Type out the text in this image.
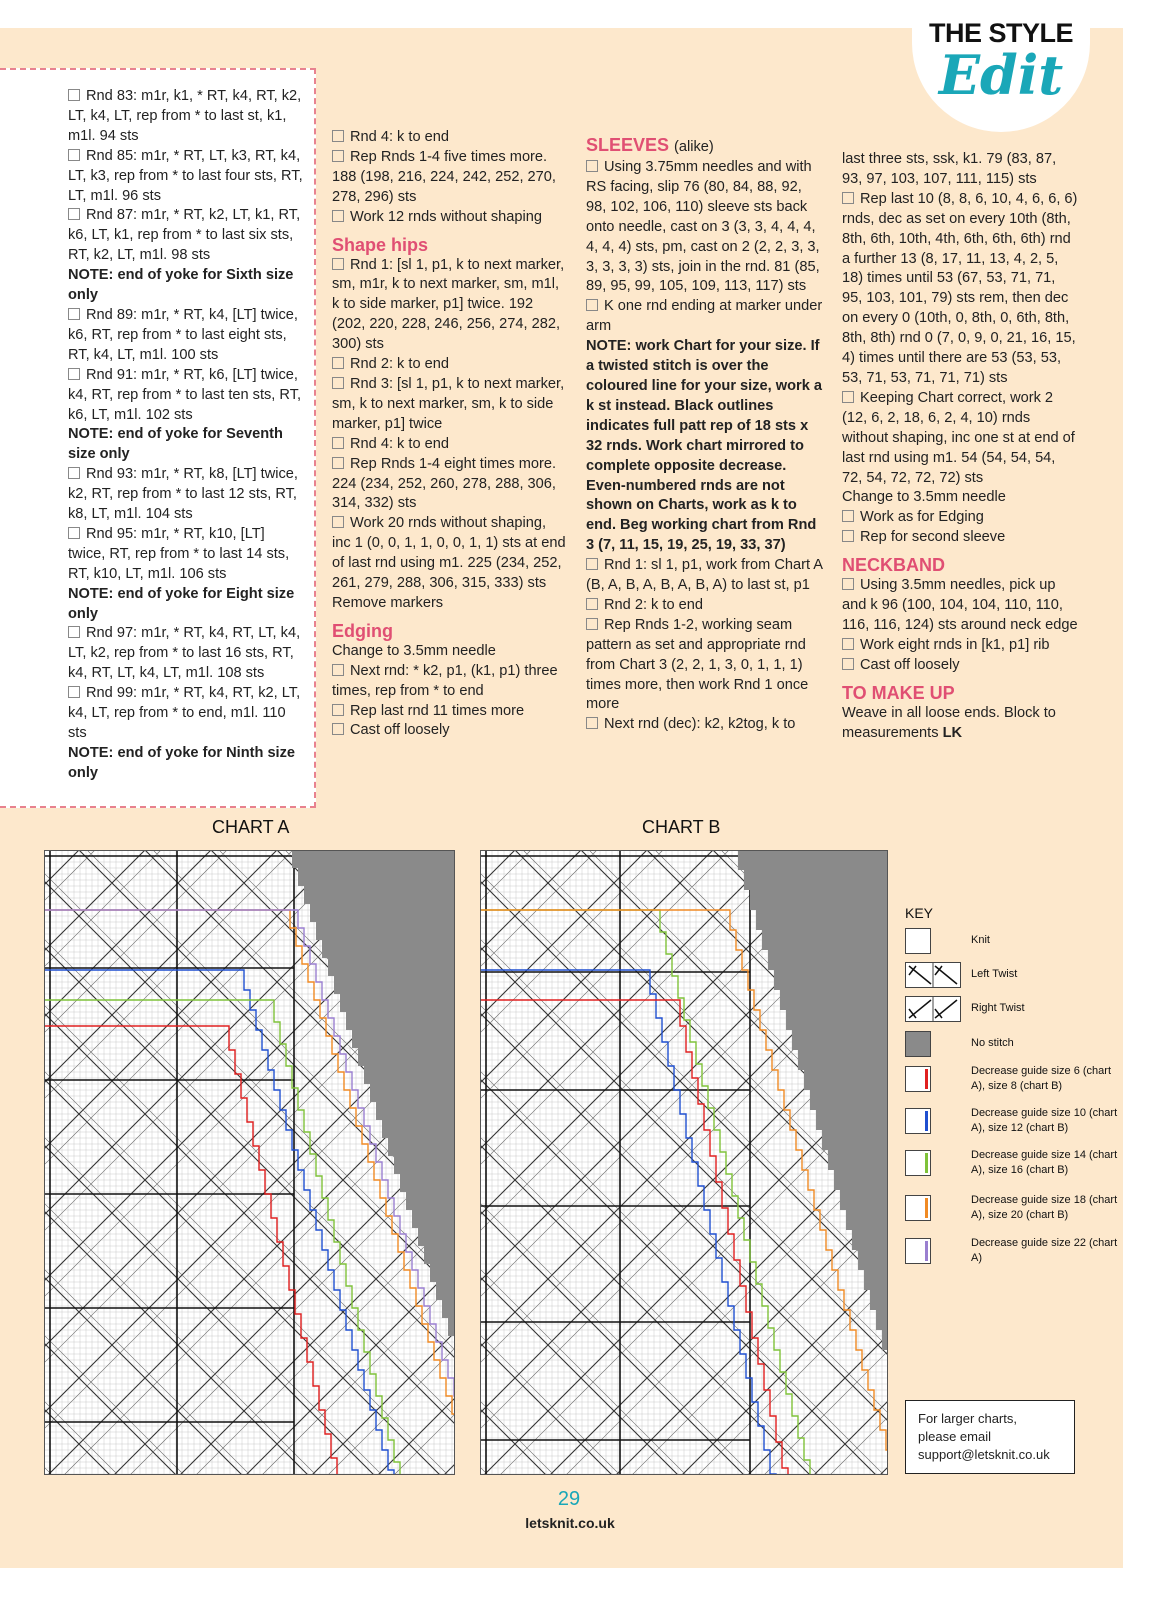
THE STYLE
Edit

Rnd 83: m1r, k1, * RT, k4, RT, k2, LT, k4, LT, rep from * to last st, k1, m1l. 94 sts

Rnd 85: m1r, * RT, LT, k3, RT, k4, LT, k3, rep from * to last four sts, RT, LT, m1l. 96 sts

Rnd 87: m1r, * RT, k2, LT, k1, RT, k6, LT, k1, rep from * to last six sts, RT, k2, LT, m1l. 98 sts

NOTE: end of yoke for Sixth size only

Rnd 89: m1r, * RT, k4, [LT] twice, k6, RT, rep from * to last eight sts, RT, k4, LT, m1l. 100 sts

Rnd 91: m1r, * RT, k6, [LT] twice, k4, RT, rep from * to last ten sts, RT, k6, LT, m1l. 102 sts

NOTE: end of yoke for Seventh size only

Rnd 93: m1r, * RT, k8, [LT] twice, k2, RT, rep from * to last 12 sts, RT, k8, LT, m1l. 104 sts

Rnd 95: m1r, * RT, k10, [LT] twice, RT, rep from * to last 14 sts, RT, k10, LT, m1l. 106 sts

NOTE: end of yoke for Eight size only

Rnd 97: m1r, * RT, k4, RT, LT, k4, LT, k2, rep from * to last 16 sts, RT, k4, RT, LT, k4, LT, m1l. 108 sts

Rnd 99: m1r, * RT, k4, RT, k2, LT, k4, LT, rep from * to end, m1l. 110 sts

NOTE: end of yoke for Ninth size only

Rnd 4: k to end

Rep Rnds 1-4 five times more. 188 (198, 216, 224, 242, 252, 270, 278, 296) sts

Work 12 rnds without shaping

Shape hips

Rnd 1: [sl 1, p1, k to next marker, sm, m1r, k to next marker, sm, m1l, k to side marker, p1] twice. 192 (202, 220, 228, 246, 256, 274, 282, 300) sts

Rnd 2: k to end

Rnd 3: [sl 1, p1, k to next marker, sm, k to next marker, sm, k to side marker, p1] twice

Rnd 4: k to end

Rep Rnds 1-4 eight times more. 224 (234, 252, 260, 278, 288, 306, 314, 332) sts

Work 20 rnds without shaping, inc 1 (0, 0, 1, 1, 0, 0, 1, 1) sts at end of last rnd using m1. 225 (234, 252, 261, 279, 288, 306, 315, 333) sts

Remove markers

Edging

Change to 3.5mm needle

Next rnd: * k2, p1, (k1, p1) three times, rep from * to end

Rep last rnd 11 times more

Cast off loosely

SLEEVES (alike)

Using 3.75mm needles and with RS facing, slip 76 (80, 84, 88, 92, 98, 102, 106, 110) sleeve sts back onto needle, cast on 3 (3, 3, 4, 4, 4, 4, 4, 4) sts, pm, cast on 2 (2, 2, 3, 3, 3, 3, 3, 3) sts, join in the rnd. 81 (85, 89, 95, 99, 105, 109, 113, 117) sts

K one rnd ending at marker under arm

NOTE: work Chart for your size. If a twisted stitch is over the coloured line for your size, work a k st instead. Black outlines indicates full patt rep of 18 sts x 32 rnds. Work chart mirrored to complete opposite decrease. Even-numbered rnds are not shown on Charts, work as k to end. Beg working chart from Rnd 3 (7, 11, 15, 19, 25, 19, 33, 37)

Rnd 1: sl 1, p1, work from Chart A (B, A, B, A, B, A, B, A) to last st, p1

Rnd 2: k to end

Rep Rnds 1-2, working seam pattern as set and appropriate rnd from Chart 3 (2, 2, 1, 3, 0, 1, 1, 1) times more, then work Rnd 1 once more

Next rnd (dec): k2, k2tog, k to

last three sts, ssk, k1. 79 (83, 87, 93, 97, 103, 107, 111, 115) sts

Rep last 10 (8, 8, 6, 10, 4, 6, 6, 6) rnds, dec as set on every 10th (8th, 8th, 6th, 10th, 4th, 6th, 6th, 6th) rnd a further 13 (8, 17, 11, 13, 4, 2, 5, 18) times until 53 (67, 53, 71, 71, 95, 103, 101, 79) sts rem, then dec on every 0 (10th, 0, 8th, 0, 6th, 8th, 8th, 8th) rnd 0 (7, 0, 9, 0, 21, 16, 15, 4) times until there are 53 (53, 53, 53, 71, 53, 71, 71, 71) sts

Keeping Chart correct, work 2 (12, 6, 2, 18, 6, 2, 4, 10) rnds without shaping, inc one st at end of last rnd using m1. 54 (54, 54, 54, 72, 54, 72, 72, 72) sts

Change to 3.5mm needle

Work as for Edging

Rep for second sleeve

NECKBAND

Using 3.5mm needles, pick up and k 96 (100, 104, 104, 110, 110, 116, 116, 124) sts around neck edge

Work eight rnds in [k1, p1] rib

Cast off loosely

TO MAKE UP

Weave in all loose ends. Block to measurements LK

CHART A	CHART B
KEY
Knit
Left Twist
Right Twist
No stitch
Decrease guide size 6 (chart A), size 8 (chart B)
Decrease guide size 10 (chart A), size 12 (chart B)
Decrease guide size 14 (chart A), size 16 (chart B)
Decrease guide size 18 (chart A), size 20 (chart B)
Decrease guide size 22 (chart A)
For larger charts,
please email
support@letsknit.co.uk
29
letsknit.co.uk
